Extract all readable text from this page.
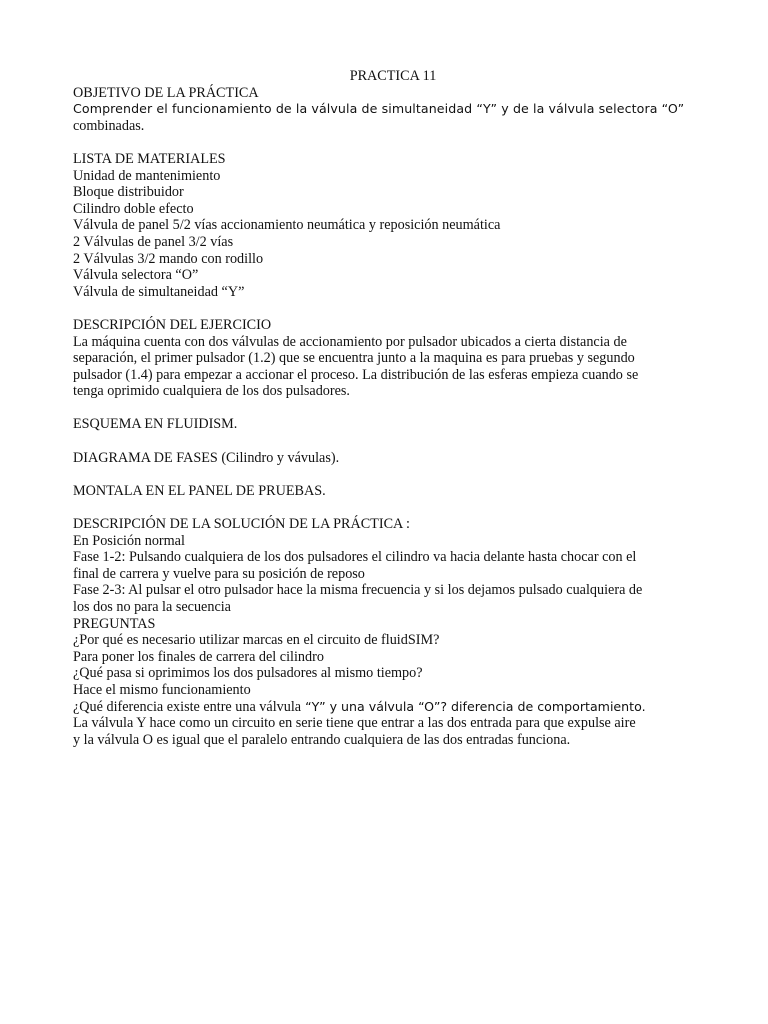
PRACTICA 11
OBJETIVO DE LA PRÁCTICA
Comprender el funcionamiento de la válvula de simultaneidad “Y” y de la válvula selectora “O”
combinadas.
LISTA DE MATERIALES
Unidad de mantenimiento
Bloque distribuidor
Cilindro doble efecto
Válvula de panel 5/2 vías accionamiento neumática y reposición neumática
2 Válvulas de panel 3/2 vías
2 Válvulas 3/2 mando con rodillo
Válvula selectora “O”
Válvula de simultaneidad “Y”
DESCRIPCIÓN DEL EJERCICIO
La máquina cuenta con dos válvulas de accionamiento por pulsador ubicados a cierta distancia de
separación, el primer pulsador (1.2) que se encuentra junto a la maquina es para pruebas y segundo
pulsador (1.4) para empezar a accionar el proceso. La distribución de las esferas empieza cuando se
tenga oprimido cualquiera de los dos pulsadores.
ESQUEMA EN FLUIDISM.
DIAGRAMA DE FASES (Cilindro y vávulas).
MONTALA EN EL PANEL DE PRUEBAS.
DESCRIPCIÓN DE LA SOLUCIÓN DE LA PRÁCTICA :
En Posición normal
Fase 1-2: Pulsando cualquiera de los dos pulsadores el cilindro va hacia delante hasta chocar con el
final de carrera y vuelve para su posición de reposo
Fase 2-3: Al pulsar el otro pulsador hace la misma frecuencia y si los dejamos pulsado cualquiera de
los dos no para la secuencia
PREGUNTAS
¿Por qué es necesario utilizar marcas en el circuito de fluidSIM?
Para poner los finales de carrera del cilindro
¿Qué pasa si oprimimos los dos pulsadores al mismo tiempo?
Hace el mismo funcionamiento
¿Qué diferencia existe entre una válvula “Y” y una válvula “O”? diferencia de comportamiento.
La válvula Y hace como un circuito en serie tiene que entrar a las dos entrada para que expulse aire
y la válvula O es igual que el paralelo entrando cualquiera de las dos entradas funciona.
